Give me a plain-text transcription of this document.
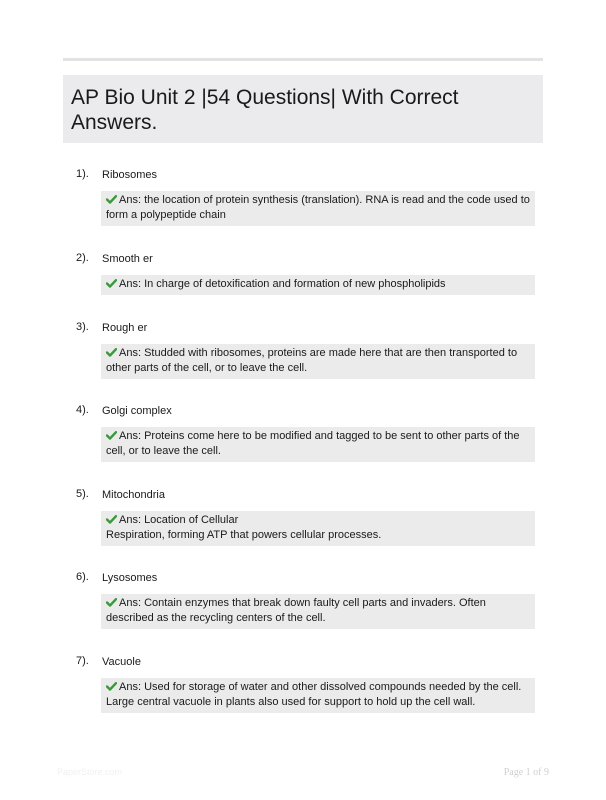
AP Bio Unit 2 |54 Questions| With Correct Answers.
1). Ribosomes
Ans: the location of protein synthesis (translation). RNA is read and the code used to form a polypeptide chain
2). Smooth er
Ans: In charge of detoxification and formation of new phospholipids
3). Rough er
Ans: Studded with ribosomes, proteins are made here that are then transported to other parts of the cell, or to leave the cell.
4). Golgi complex
Ans: Proteins come here to be modified and tagged to be sent to other parts of the cell, or to leave the cell.
5). Mitochondria
Ans: Location of Cellular
Respiration, forming ATP that powers cellular processes.
6). Lysosomes
Ans: Contain enzymes that break down faulty cell parts and invaders. Often described as the recycling centers of the cell.
7). Vacuole
Ans: Used for storage of water and other dissolved compounds needed by the cell. Large central vacuole in plants also used for support to hold up the cell wall.
PaperStore.com	Page 1 of 9
